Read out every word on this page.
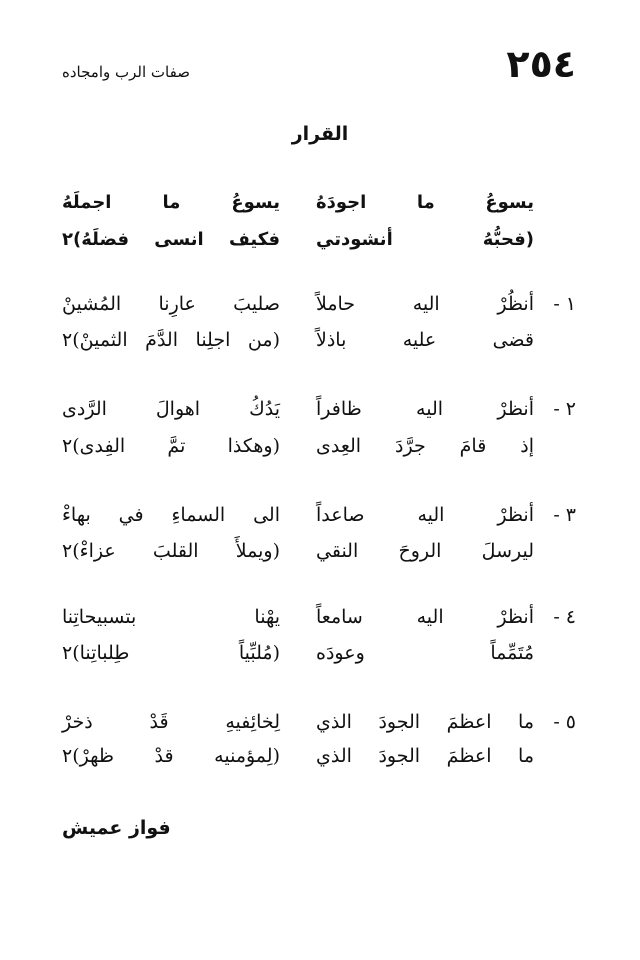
٢٥٤
صفات الرب وامجاده
القرار
يسوعُ ما اجودَهُ
يسوعُ ما اجملَهُ
(فحبُّهُ أنشودتي
فكيف انسى فضلَهُ)٢
١ -
أنظُرْ اليه حاملاً
صليبَ عارِنا المُشينْ
قضى عليه باذلاً
(من اجلِنا الدَّمَ الثمينْ)٢
٢ -
أنظرْ اليه ظافراً
يَدُكُ اهوالَ الرَّدى
إذ قامَ جرَّدَ العِدى
(وهكذا تمَّ الفِدى)٢
٣ -
أنظرْ اليه صاعداً
الى السماءِ في بهاءْ
ليرسلَ الروحَ النقي
(ويملأَ القلبَ عزاءْ)٢
٤ -
أنظرْ اليه سامعاً
يهْنا بتسبيحاتِنا
مُتَمِّماً وعودَه
(مُلبِّياً طِلباتِنا)٢
٥ -
ما اعظمَ الجودَ الذي
لِخائِفيهِ قَدْ ذخرْ
ما اعظمَ الجودَ الذي
(لِمؤمنيه قدْ ظهرْ)٢
فواز عميش
